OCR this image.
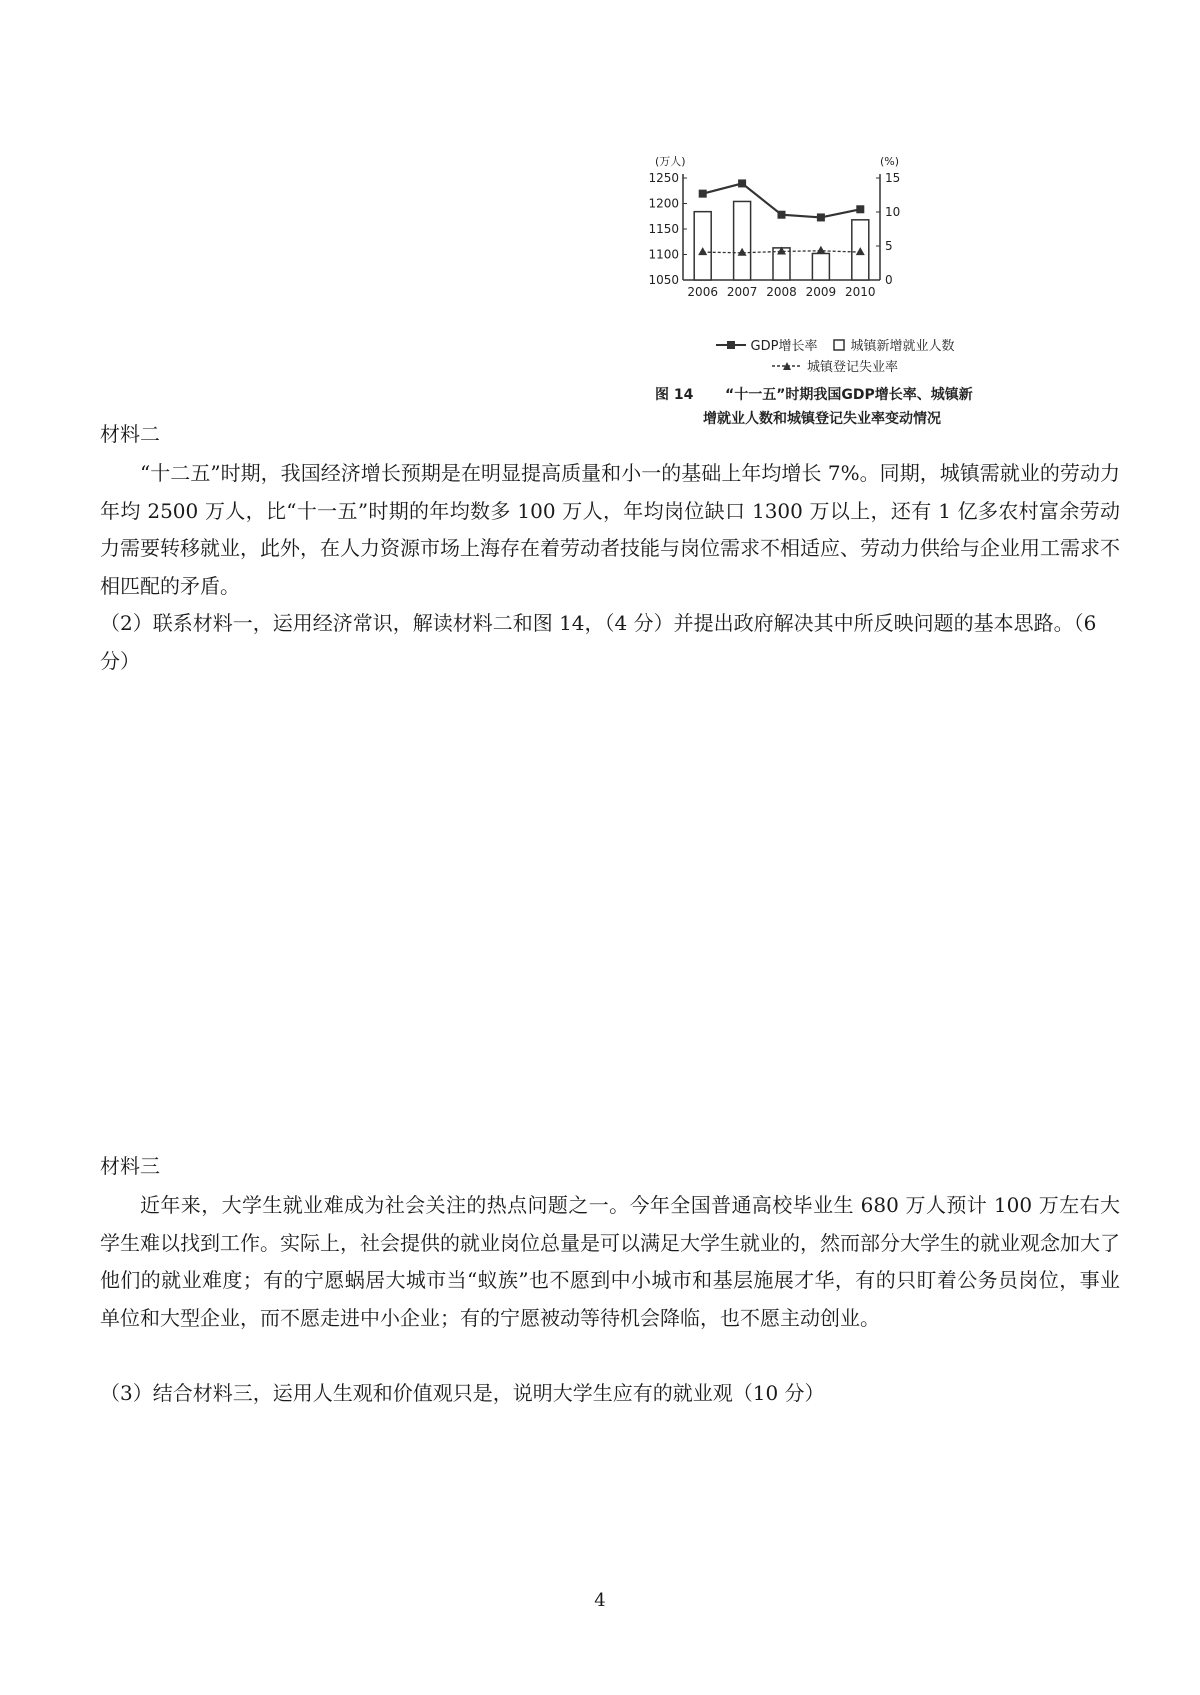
(万人)	(%)
1250
1200
1150
1100
1050
15
10
5
0
2006 2007 2008 2009 2010
GDP增长率	城镇新增就业人数
城镇登记失业率
图 14 “十一五”时期我国GDP增长率、城镇新
增就业人数和城镇登记失业率变动情况
材料二
“十二五”时期，我国经济增长预期是在明显提高质量和小一的基础上年均增长 7%。同期，城镇需就业的劳动力年均 2500 万人，比“十一五”时期的年均数多 100 万人，年均岗位缺口 1300 万以上，还有 1 亿多农村富余劳动力需要转移就业，此外，在人力资源市场上海存在着劳动者技能与岗位需求不相适应、劳动力供给与企业用工需求不相匹配的矛盾。
（2）联系材料一，运用经济常识，解读材料二和图 14，（4 分）并提出政府解决其中所反映问题的基本思路。（6 分）
材料三
近年来，大学生就业难成为社会关注的热点问题之一。今年全国普通高校毕业生 680 万人预计 100 万左右大学生难以找到工作。实际上，社会提供的就业岗位总量是可以满足大学生就业的，然而部分大学生的就业观念加大了他们的就业难度；有的宁愿蜗居大城市当“蚁族”也不愿到中小城市和基层施展才华，有的只盯着公务员岗位，事业单位和大型企业，而不愿走进中小企业；有的宁愿被动等待机会降临，也不愿主动创业。
（3）结合材料三，运用人生观和价值观只是，说明大学生应有的就业观（10 分）
4
